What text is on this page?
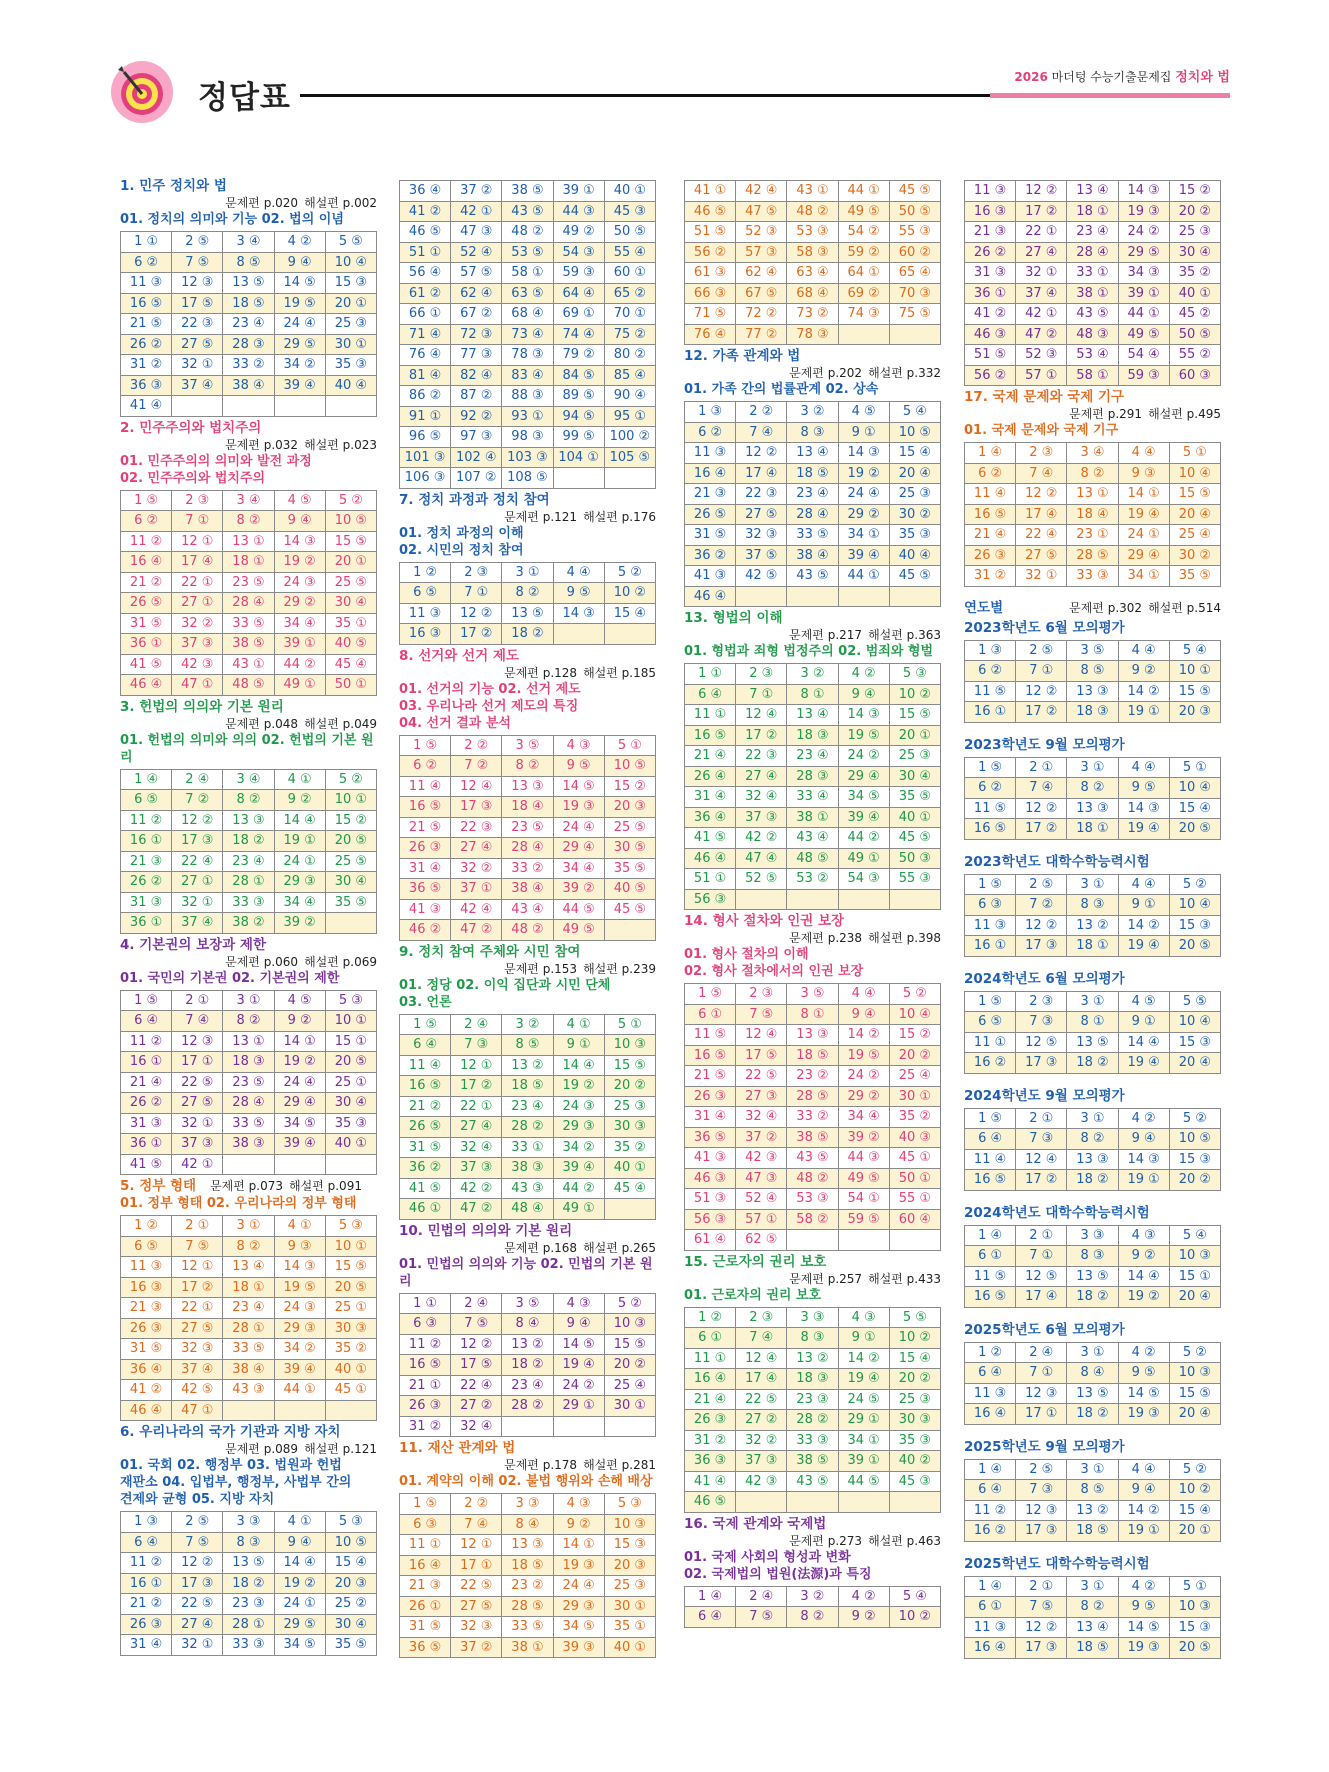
정답표
2026 마더텅 수능기출문제집 정치와 법
1. 민주 정치와 법
문제편 p.020 해설편 p.002
01. 정치의 의미와 기능 02. 법의 이념
1 ①	2 ⑤	3 ④	4 ②	5 ⑤
6 ②	7 ⑤	8 ⑤	9 ④	10 ④
11 ③	12 ③	13 ⑤	14 ⑤	15 ③
16 ⑤	17 ⑤	18 ⑤	19 ⑤	20 ①
21 ⑤	22 ③	23 ④	24 ④	25 ③
26 ②	27 ⑤	28 ③	29 ⑤	30 ①
31 ②	32 ①	33 ②	34 ②	35 ③
36 ③	37 ④	38 ④	39 ④	40 ④
41 ④				
2. 민주주의와 법치주의
문제편 p.032 해설편 p.023
01. 민주주의의 의미와 발전 과정
02. 민주주의와 법치주의
1 ⑤	2 ③	3 ④	4 ⑤	5 ②
6 ②	7 ①	8 ②	9 ④	10 ⑤
11 ②	12 ①	13 ①	14 ③	15 ⑤
16 ④	17 ④	18 ①	19 ②	20 ①
21 ②	22 ①	23 ⑤	24 ③	25 ⑤
26 ⑤	27 ①	28 ④	29 ②	30 ④
31 ⑤	32 ②	33 ⑤	34 ④	35 ①
36 ①	37 ③	38 ⑤	39 ①	40 ⑤
41 ⑤	42 ③	43 ①	44 ②	45 ④
46 ④	47 ①	48 ⑤	49 ①	50 ①
3. 헌법의 의의와 기본 원리
문제편 p.048 해설편 p.049
01. 헌법의 의미와 의의 02. 헌법의 기본 원리
1 ④	2 ④	3 ④	4 ①	5 ②
6 ⑤	7 ②	8 ②	9 ②	10 ①
11 ②	12 ②	13 ③	14 ④	15 ②
16 ①	17 ③	18 ②	19 ①	20 ⑤
21 ③	22 ④	23 ④	24 ①	25 ⑤
26 ②	27 ①	28 ①	29 ③	30 ④
31 ③	32 ①	33 ③	34 ④	35 ⑤
36 ①	37 ④	38 ②	39 ②	
4. 기본권의 보장과 제한
문제편 p.060 해설편 p.069
01. 국민의 기본권 02. 기본권의 제한
1 ⑤	2 ①	3 ①	4 ⑤	5 ③
6 ④	7 ④	8 ②	9 ②	10 ①
11 ②	12 ③	13 ①	14 ①	15 ①
16 ①	17 ①	18 ③	19 ②	20 ⑤
21 ④	22 ⑤	23 ⑤	24 ④	25 ①
26 ②	27 ⑤	28 ④	29 ④	30 ④
31 ③	32 ①	33 ⑤	34 ⑤	35 ③
36 ①	37 ③	38 ③	39 ④	40 ①
41 ⑤	42 ①			
5. 정부 형태 문제편 p.073 해설편 p.091
01. 정부 형태 02. 우리나라의 정부 형태
1 ②	2 ①	3 ①	4 ①	5 ③
6 ⑤	7 ⑤	8 ②	9 ③	10 ①
11 ③	12 ①	13 ④	14 ③	15 ⑤
16 ③	17 ②	18 ①	19 ⑤	20 ⑤
21 ③	22 ①	23 ④	24 ③	25 ①
26 ③	27 ⑤	28 ①	29 ③	30 ③
31 ⑤	32 ③	33 ⑤	34 ②	35 ②
36 ④	37 ④	38 ④	39 ④	40 ①
41 ②	42 ⑤	43 ③	44 ①	45 ①
46 ④	47 ①			
6. 우리나라의 국가 기관과 지방 자치
문제편 p.089 해설편 p.121
01. 국회 02. 행정부 03. 법원과 헌법
재판소 04. 입법부, 행정부, 사법부 간의
견제와 균형 05. 지방 자치
1 ③	2 ⑤	3 ③	4 ①	5 ③
6 ④	7 ⑤	8 ③	9 ④	10 ⑤
11 ②	12 ②	13 ⑤	14 ④	15 ④
16 ①	17 ③	18 ②	19 ②	20 ③
21 ②	22 ⑤	23 ③	24 ①	25 ②
26 ③	27 ④	28 ①	29 ⑤	30 ④
31 ④	32 ①	33 ③	34 ⑤	35 ⑤
36 ④	37 ②	38 ⑤	39 ①	40 ①
41 ②	42 ①	43 ⑤	44 ③	45 ③
46 ⑤	47 ③	48 ②	49 ②	50 ⑤
51 ①	52 ④	53 ⑤	54 ③	55 ④
56 ④	57 ⑤	58 ①	59 ③	60 ①
61 ②	62 ④	63 ⑤	64 ④	65 ②
66 ①	67 ②	68 ④	69 ①	70 ①
71 ④	72 ③	73 ④	74 ④	75 ②
76 ④	77 ③	78 ③	79 ②	80 ②
81 ④	82 ④	83 ④	84 ⑤	85 ④
86 ②	87 ②	88 ③	89 ⑤	90 ④
91 ①	92 ②	93 ①	94 ⑤	95 ①
96 ⑤	97 ③	98 ③	99 ⑤	100 ②
101 ③	102 ④	103 ③	104 ①	105 ⑤
106 ③	107 ②	108 ⑤		
7. 정치 과정과 정치 참여
문제편 p.121 해설편 p.176
01. 정치 과정의 이해
02. 시민의 정치 참여
1 ②	2 ③	3 ①	4 ④	5 ②
6 ⑤	7 ①	8 ②	9 ⑤	10 ②
11 ③	12 ②	13 ⑤	14 ③	15 ④
16 ③	17 ②	18 ②		
8. 선거와 선거 제도
문제편 p.128 해설편 p.185
01. 선거의 기능 02. 선거 제도
03. 우리나라 선거 제도의 특징
04. 선거 결과 분석
1 ⑤	2 ②	3 ⑤	4 ③	5 ①
6 ②	7 ②	8 ②	9 ⑤	10 ⑤
11 ④	12 ④	13 ③	14 ⑤	15 ②
16 ⑤	17 ③	18 ④	19 ③	20 ③
21 ⑤	22 ③	23 ⑤	24 ④	25 ⑤
26 ③	27 ④	28 ④	29 ④	30 ⑤
31 ④	32 ②	33 ②	34 ④	35 ⑤
36 ⑤	37 ①	38 ④	39 ②	40 ⑤
41 ③	42 ④	43 ④	44 ⑤	45 ⑤
46 ②	47 ②	48 ②	49 ⑤	
9. 정치 참여 주체와 시민 참여
문제편 p.153 해설편 p.239
01. 정당 02. 이익 집단과 시민 단체
03. 언론
1 ⑤	2 ④	3 ②	4 ①	5 ①
6 ④	7 ③	8 ⑤	9 ①	10 ③
11 ④	12 ①	13 ②	14 ④	15 ⑤
16 ⑤	17 ②	18 ⑤	19 ②	20 ②
21 ②	22 ①	23 ④	24 ③	25 ③
26 ⑤	27 ④	28 ②	29 ③	30 ③
31 ⑤	32 ④	33 ①	34 ②	35 ②
36 ②	37 ③	38 ③	39 ④	40 ①
41 ⑤	42 ②	43 ③	44 ②	45 ④
46 ①	47 ②	48 ④	49 ①	
10. 민법의 의의와 기본 원리
문제편 p.168 해설편 p.265
01. 민법의 의의와 기능 02. 민법의 기본 원리
1 ①	2 ④	3 ⑤	4 ③	5 ②
6 ③	7 ⑤	8 ④	9 ④	10 ③
11 ②	12 ②	13 ②	14 ⑤	15 ⑤
16 ⑤	17 ⑤	18 ②	19 ④	20 ②
21 ①	22 ④	23 ④	24 ②	25 ④
26 ③	27 ②	28 ②	29 ①	30 ①
31 ②	32 ④			
11. 재산 관계와 법
문제편 p.178 해설편 p.281
01. 계약의 이해 02. 불법 행위와 손해 배상
1 ⑤	2 ②	3 ③	4 ③	5 ③
6 ③	7 ④	8 ④	9 ②	10 ③
11 ①	12 ①	13 ③	14 ①	15 ③
16 ④	17 ①	18 ⑤	19 ③	20 ③
21 ③	22 ⑤	23 ②	24 ④	25 ③
26 ①	27 ⑤	28 ⑤	29 ③	30 ①
31 ⑤	32 ③	33 ⑤	34 ⑤	35 ①
36 ⑤	37 ②	38 ①	39 ③	40 ①
41 ①	42 ④	43 ①	44 ①	45 ⑤
46 ⑤	47 ⑤	48 ②	49 ⑤	50 ⑤
51 ⑤	52 ③	53 ③	54 ②	55 ③
56 ②	57 ③	58 ③	59 ②	60 ②
61 ③	62 ④	63 ④	64 ①	65 ④
66 ③	67 ⑤	68 ④	69 ②	70 ③
71 ⑤	72 ②	73 ②	74 ③	75 ⑤
76 ④	77 ②	78 ③		
12. 가족 관계와 법
문제편 p.202 해설편 p.332
01. 가족 간의 법률관계 02. 상속
1 ③	2 ②	3 ②	4 ⑤	5 ④
6 ②	7 ④	8 ③	9 ①	10 ⑤
11 ③	12 ②	13 ④	14 ③	15 ④
16 ④	17 ④	18 ⑤	19 ②	20 ④
21 ③	22 ③	23 ④	24 ④	25 ③
26 ⑤	27 ⑤	28 ④	29 ②	30 ②
31 ⑤	32 ③	33 ⑤	34 ①	35 ③
36 ②	37 ⑤	38 ④	39 ④	40 ④
41 ③	42 ⑤	43 ⑤	44 ①	45 ⑤
46 ④				
13. 형법의 이해
문제편 p.217 해설편 p.363
01. 형법과 죄형 법정주의 02. 범죄와 형벌
1 ①	2 ③	3 ②	4 ②	5 ③
6 ④	7 ①	8 ①	9 ④	10 ②
11 ①	12 ④	13 ④	14 ③	15 ⑤
16 ⑤	17 ②	18 ③	19 ⑤	20 ①
21 ④	22 ③	23 ④	24 ②	25 ③
26 ④	27 ④	28 ③	29 ④	30 ④
31 ④	32 ④	33 ④	34 ⑤	35 ⑤
36 ④	37 ③	38 ①	39 ④	40 ①
41 ⑤	42 ②	43 ④	44 ②	45 ⑤
46 ④	47 ④	48 ⑤	49 ①	50 ③
51 ①	52 ⑤	53 ②	54 ③	55 ③
56 ③				
14. 형사 절차와 인권 보장
문제편 p.238 해설편 p.398
01. 형사 절차의 이해
02. 형사 절차에서의 인권 보장
1 ⑤	2 ③	3 ⑤	4 ④	5 ②
6 ①	7 ⑤	8 ①	9 ④	10 ④
11 ⑤	12 ④	13 ③	14 ②	15 ②
16 ⑤	17 ⑤	18 ⑤	19 ⑤	20 ②
21 ⑤	22 ⑤	23 ②	24 ②	25 ④
26 ③	27 ③	28 ⑤	29 ②	30 ①
31 ④	32 ④	33 ②	34 ④	35 ②
36 ⑤	37 ②	38 ⑤	39 ②	40 ③
41 ③	42 ③	43 ⑤	44 ③	45 ①
46 ③	47 ③	48 ②	49 ⑤	50 ①
51 ③	52 ④	53 ③	54 ①	55 ①
56 ③	57 ①	58 ②	59 ⑤	60 ④
61 ④	62 ⑤			
15. 근로자의 권리 보호
문제편 p.257 해설편 p.433
01. 근로자의 권리 보호
1 ②	2 ③	3 ③	4 ③	5 ⑤
6 ①	7 ④	8 ③	9 ①	10 ②
11 ①	12 ④	13 ②	14 ②	15 ④
16 ④	17 ④	18 ③	19 ④	20 ②
21 ④	22 ⑤	23 ③	24 ⑤	25 ③
26 ③	27 ②	28 ②	29 ①	30 ③
31 ②	32 ②	33 ③	34 ①	35 ③
36 ③	37 ③	38 ⑤	39 ①	40 ②
41 ④	42 ③	43 ⑤	44 ⑤	45 ③
46 ⑤				
16. 국제 관계와 국제법
문제편 p.273 해설편 p.463
01. 국제 사회의 형성과 변화
02. 국제법의 법원(法源)과 특징
1 ④	2 ④	3 ②	4 ②	5 ④
6 ④	7 ⑤	8 ②	9 ②	10 ②
11 ③	12 ②	13 ④	14 ③	15 ②
16 ③	17 ②	18 ①	19 ③	20 ②
21 ③	22 ①	23 ④	24 ②	25 ③
26 ②	27 ④	28 ④	29 ⑤	30 ④
31 ③	32 ①	33 ①	34 ③	35 ②
36 ①	37 ④	38 ①	39 ①	40 ①
41 ②	42 ①	43 ⑤	44 ①	45 ②
46 ③	47 ②	48 ③	49 ⑤	50 ⑤
51 ⑤	52 ③	53 ④	54 ④	55 ②
56 ②	57 ①	58 ①	59 ③	60 ③
17. 국제 문제와 국제 기구
문제편 p.291 해설편 p.495
01. 국제 문제와 국제 기구
1 ④	2 ③	3 ④	4 ④	5 ①
6 ②	7 ④	8 ②	9 ③	10 ④
11 ④	12 ②	13 ①	14 ①	15 ⑤
16 ⑤	17 ④	18 ④	19 ④	20 ④
21 ④	22 ④	23 ①	24 ①	25 ④
26 ③	27 ⑤	28 ⑤	29 ④	30 ②
31 ②	32 ①	33 ③	34 ①	35 ⑤
연도별	문제편 p.302 해설편 p.514
2023학년도 6월 모의평가
1 ③	2 ⑤	3 ⑤	4 ④	5 ④
6 ②	7 ①	8 ⑤	9 ②	10 ①
11 ⑤	12 ②	13 ③	14 ②	15 ⑤
16 ①	17 ②	18 ③	19 ①	20 ③
2023학년도 9월 모의평가
1 ⑤	2 ①	3 ①	4 ④	5 ①
6 ②	7 ④	8 ②	9 ⑤	10 ④
11 ⑤	12 ②	13 ③	14 ③	15 ④
16 ⑤	17 ②	18 ①	19 ④	20 ⑤
2023학년도 대학수학능력시험
1 ⑤	2 ⑤	3 ①	4 ④	5 ②
6 ③	7 ②	8 ③	9 ①	10 ④
11 ③	12 ②	13 ②	14 ②	15 ③
16 ①	17 ③	18 ①	19 ④	20 ⑤
2024학년도 6월 모의평가
1 ⑤	2 ③	3 ①	4 ⑤	5 ⑤
6 ⑤	7 ③	8 ①	9 ①	10 ④
11 ①	12 ⑤	13 ⑤	14 ④	15 ③
16 ②	17 ③	18 ②	19 ④	20 ④
2024학년도 9월 모의평가
1 ⑤	2 ①	3 ①	4 ②	5 ②
6 ④	7 ③	8 ②	9 ④	10 ⑤
11 ④	12 ④	13 ③	14 ③	15 ③
16 ⑤	17 ②	18 ②	19 ①	20 ②
2024학년도 대학수학능력시험
1 ④	2 ①	3 ③	4 ③	5 ④
6 ①	7 ①	8 ③	9 ②	10 ③
11 ⑤	12 ⑤	13 ⑤	14 ④	15 ①
16 ⑤	17 ④	18 ②	19 ②	20 ④
2025학년도 6월 모의평가
1 ②	2 ④	3 ①	4 ②	5 ②
6 ④	7 ①	8 ④	9 ⑤	10 ③
11 ③	12 ③	13 ⑤	14 ⑤	15 ⑤
16 ④	17 ①	18 ②	19 ③	20 ④
2025학년도 9월 모의평가
1 ④	2 ⑤	3 ①	4 ④	5 ②
6 ④	7 ③	8 ⑤	9 ④	10 ②
11 ②	12 ③	13 ②	14 ②	15 ④
16 ②	17 ③	18 ⑤	19 ①	20 ①
2025학년도 대학수학능력시험
1 ④	2 ①	3 ①	4 ②	5 ①
6 ①	7 ⑤	8 ②	9 ⑤	10 ③
11 ③	12 ②	13 ④	14 ⑤	15 ③
16 ④	17 ③	18 ⑤	19 ③	20 ⑤
